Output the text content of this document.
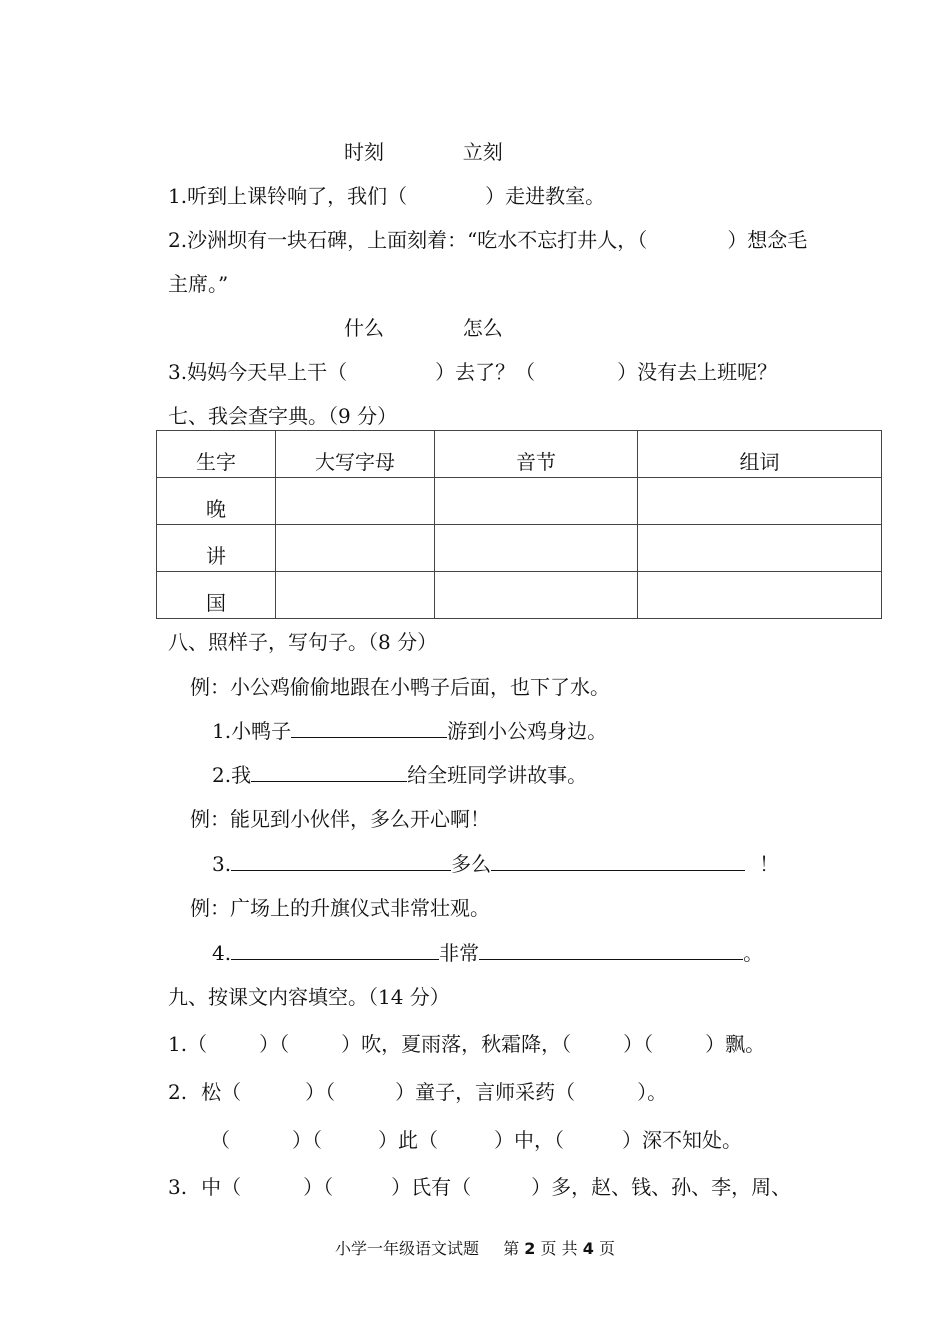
时刻	立刻
1.听到上课铃响了，我们（	）走进教室。
2.沙洲坝有一块石碑，上面刻着：“吃水不忘打井人，（	）想念毛
主席。”
什么	怎么
3.妈妈今天早上干（	）去了？（	）没有去上班呢？
七、我会查字典。（9 分）
生字	大写字母	音节	组词
晚			
讲			
国			
八、照样子，写句子。（8 分）
例：小公鸡偷偷地跟在小鸭子后面，也下了水。
1.小鸭子	游到小公鸡身边。
2.我	给全班同学讲故事。
例：能见到小伙伴，多么开心啊！
3.	多么	！
例：广场上的升旗仪式非常壮观。
4.	非常	。
九、按课文内容填空。（14 分）
1.（	）（	）吹，夏雨落，秋霜降，（	）（	）飘。
2. 松（	）（	）童子，言师采药（	）。
（	）（	）此（	）中，（	）深不知处。
3. 中（	）（	）氏有（	）多，赵、钱、孙、李，周、
小学一年级语文试题 第 2 页 共 4 页
